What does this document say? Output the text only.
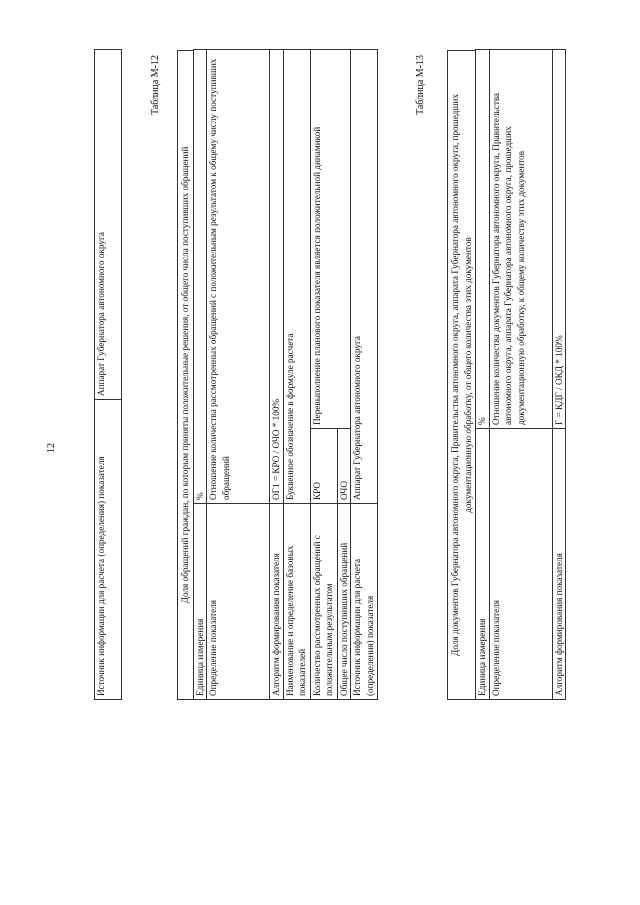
12
Источник информации для расчета (определения) показателя	Аппарат Губернатора автономного округа
Таблица М-12
Доля обращений граждан, по которым приняты положительные решения, от общего числа поступивших обращений
Единица измерения	%	
Определение показателя	Отношение количества рассмотренных обращений с положительным результатом к общему числу поступивших обращений	
Алгоритм формирования показателя	ОГ1 = КРО / ОЧО * 100%	
Наименование и определение базовых показателей	Буквенное обозначение в формуле расчета	
Количество рассмотренных обращений с положительным результатом	КРО	Перевыполнение планового показателя является положительной динамикой
Общее число поступивших обращений	ОЧО	
Источник информации для расчета (определения) показателя	Аппарат Губернатора автономного округа	
Таблица М-13
Доля документов Губернатора автономного округа, Правительства автономного округа, аппарата Губернатора автономного округа, прошедших документационную обработку, от общего количества этих документов
Единица измерения	%
Определение показателя	Отношение количества документов Губернатора автономного округа, Правительства автономного округа, аппарата Губернатора автономного округа, прошедших документационную обработку, к общему количеству этих документов
Алгоритм формирования показателя	Г = КДГ / ОКД * 100%
